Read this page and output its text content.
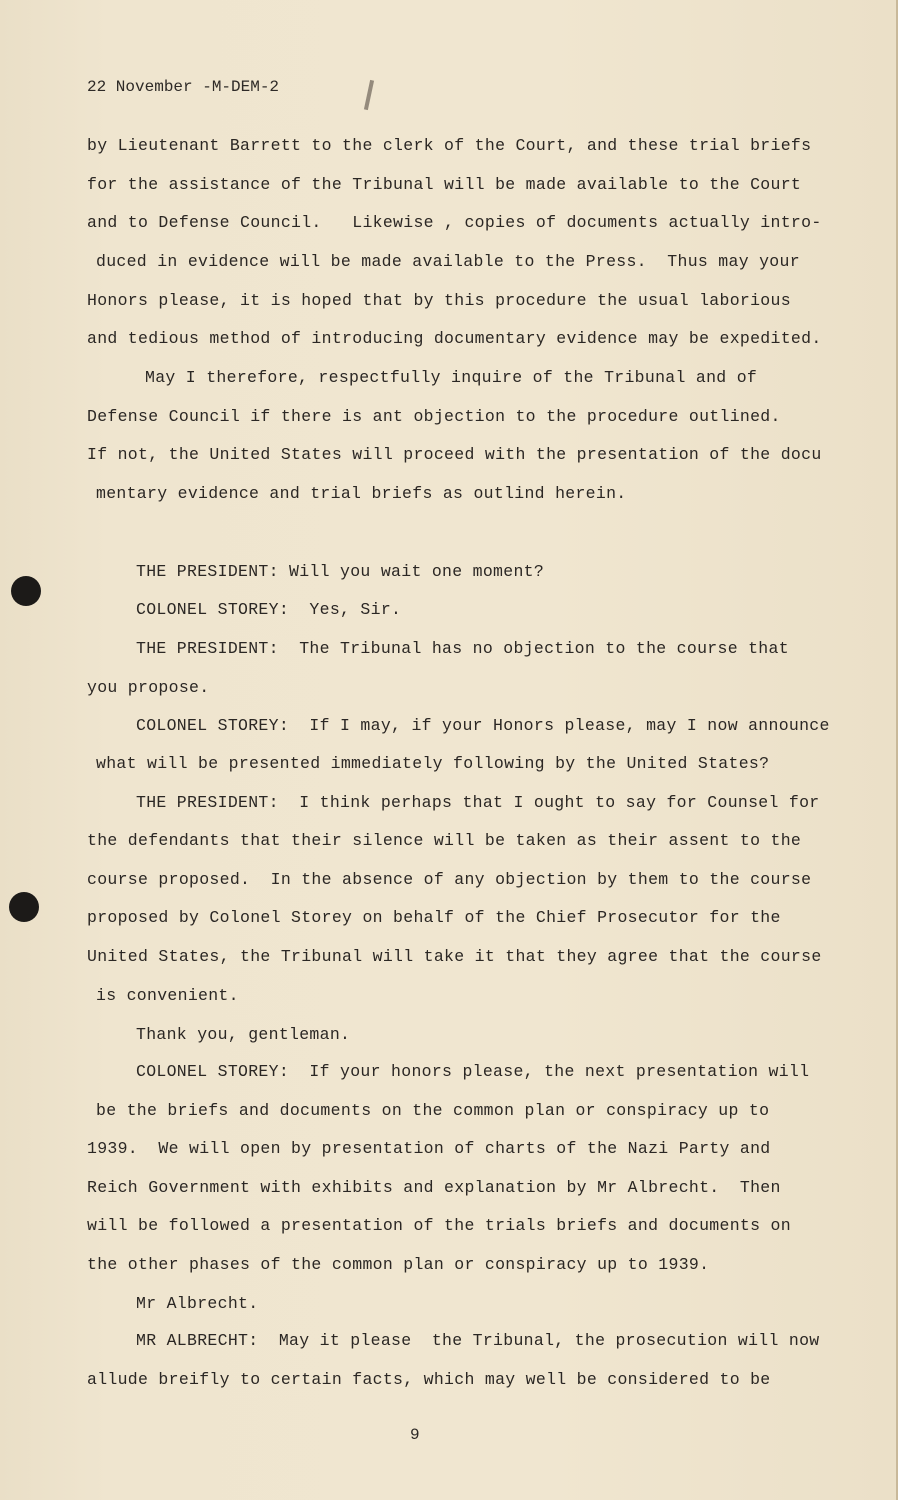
22 November -M-DEM-2
by Lieutenant Barrett to the clerk of the Court, and these trial briefs
for the assistance of the Tribunal will be made available to the Court
and to Defense Council.   Likewise , copies of documents actually intro-
duced in evidence will be made available to the Press.  Thus may your
Honors please, it is hoped that by this procedure the usual laborious
and tedious method of introducing documentary evidence may be expedited.
May I therefore, respectfully inquire of the Tribunal and of
Defense Council if there is ant objection to the procedure outlined.
If not, the United States will proceed with the presentation of the docu
mentary evidence and trial briefs as outlind herein.
THE PRESIDENT: Will you wait one moment?
COLONEL STOREY:  Yes, Sir.
THE PRESIDENT:  The Tribunal has no objection to the course that
you propose.
COLONEL STOREY:  If I may, if your Honors please, may I now announce
what will be presented immediately following by the United States?
THE PRESIDENT:  I think perhaps that I ought to say for Counsel for
the defendants that their silence will be taken as their assent to the
course proposed.  In the absence of any objection by them to the course
proposed by Colonel Storey on behalf of the Chief Prosecutor for the
United States, the Tribunal will take it that they agree that the course
is convenient.
Thank you, gentleman.
COLONEL STOREY:  If your honors please, the next presentation will
be the briefs and documents on the common plan or conspiracy up to
1939.  We will open by presentation of charts of the Nazi Party and
Reich Government with exhibits and explanation by Mr Albrecht.  Then
will be followed a presentation of the trials briefs and documents on
the other phases of the common plan or conspiracy up to 1939.
Mr Albrecht.
MR ALBRECHT:  May it please  the Tribunal, the prosecution will now
allude breifly to certain facts, which may well be considered to be
9
